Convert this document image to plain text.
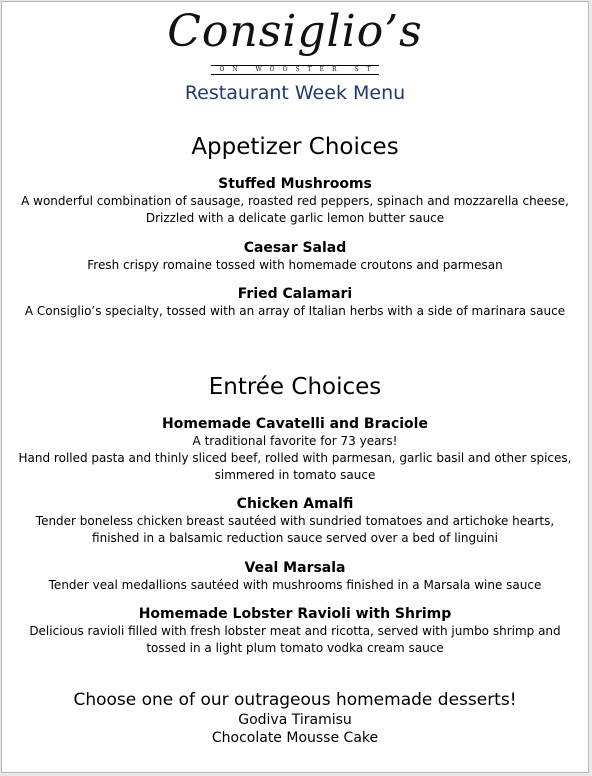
Consiglio’s
ON WOOSTER ST
Restaurant Week Menu
Appetizer Choices
Stuffed Mushrooms
A wonderful combination of sausage, roasted red peppers, spinach and mozzarella cheese,
Drizzled with a delicate garlic lemon butter sauce
Caesar Salad
Fresh crispy romaine tossed with homemade croutons and parmesan
Fried Calamari
A Consiglio’s specialty, tossed with an array of Italian herbs with a side of marinara sauce
Entrée Choices
Homemade Cavatelli and Braciole
A traditional favorite for 73 years!
Hand rolled pasta and thinly sliced beef, rolled with parmesan, garlic basil and other spices,
simmered in tomato sauce
Chicken Amalfi
Tender boneless chicken breast sautéed with sundried tomatoes and artichoke hearts,
finished in a balsamic reduction sauce served over a bed of linguini
Veal Marsala
Tender veal medallions sautéed with mushrooms finished in a Marsala wine sauce
Homemade Lobster Ravioli with Shrimp
Delicious ravioli filled with fresh lobster meat and ricotta, served with jumbo shrimp and
tossed in a light plum tomato vodka cream sauce
Choose one of our outrageous homemade desserts!
Godiva Tiramisu
Chocolate Mousse Cake
